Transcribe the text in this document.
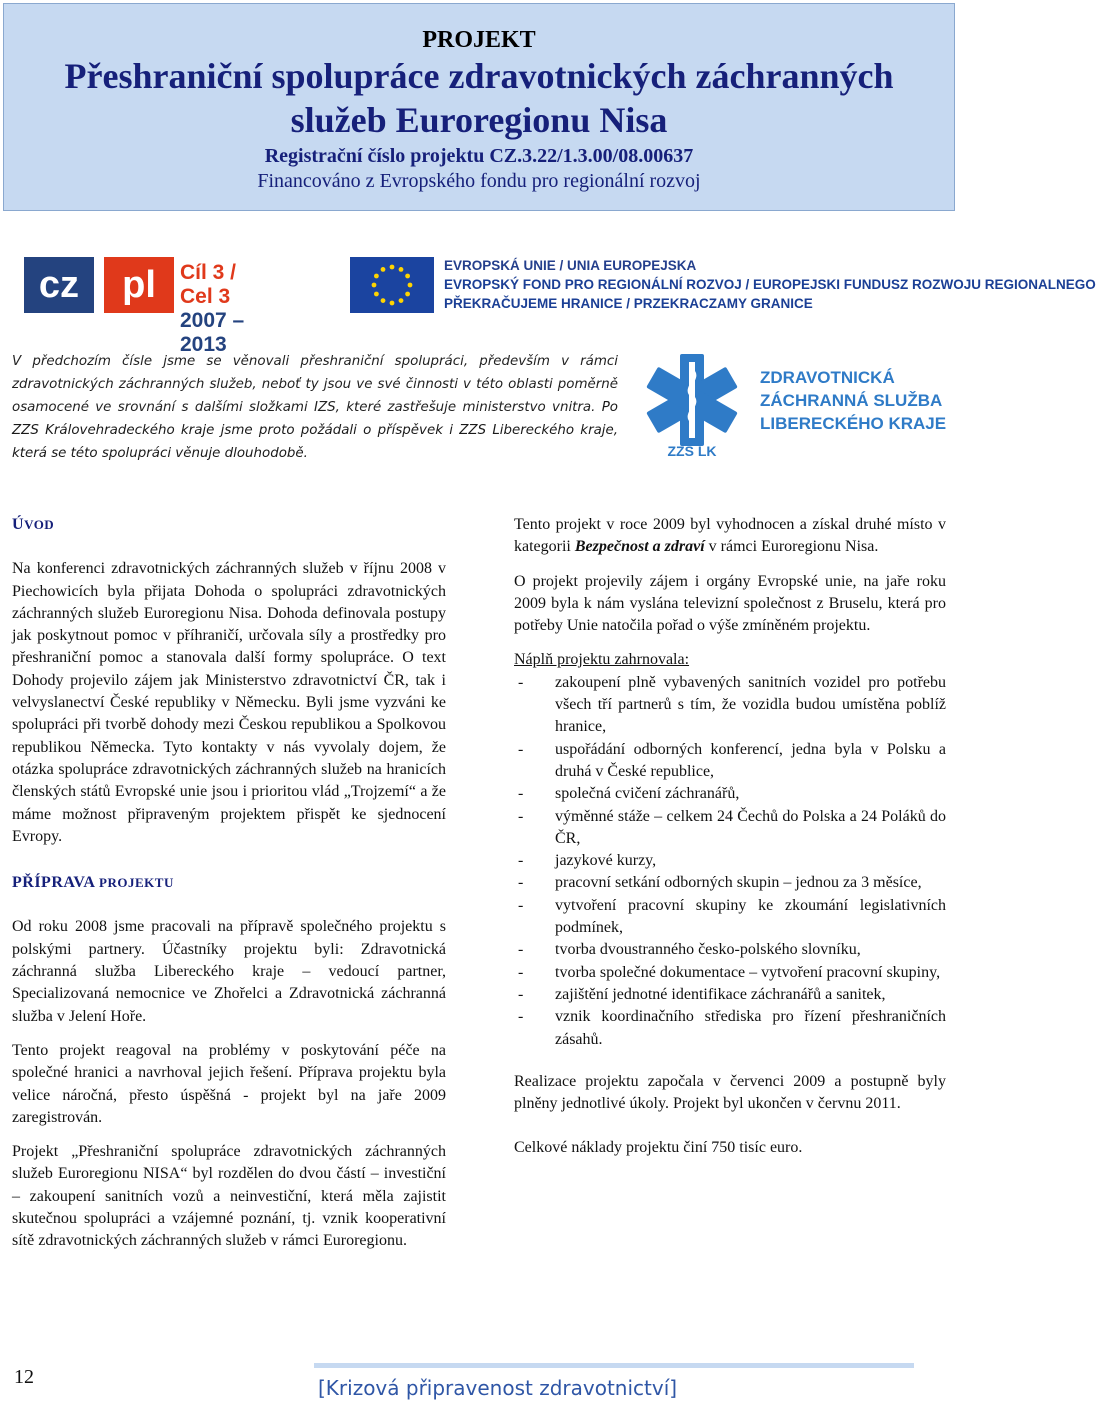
PROJEKT
Přeshraniční spolupráce zdravotnických záchranných
služeb Euroregionu Nisa
Registrační číslo projektu CZ.3.22/1.3.00/08.00637
Financováno z Evropského fondu pro regionální rozvoj
cz	pl	Cíl 3 / Cel 3
2007 – 2013
EVROPSKÁ UNIE / UNIA EUROPEJSKA
EVROPSKÝ FOND PRO REGIONÁLNÍ ROZVOJ / EUROPEJSKI FUNDUSZ ROZWOJU REGIONALNEGO
PŘEKRAČUJEME HRANICE / PRZEKRACZAMY GRANICE
V předchozím čísle jsme se věnovali přeshraniční spolupráci, především v rámci zdravotnických záchranných služeb, neboť ty jsou ve své činnosti v této oblasti poměrně osamocené ve srovnání s dalšími složkami IZS, které zastřešuje ministerstvo vnitra. Po ZZS Královehradeckého kraje jsme proto požádali o příspěvek i ZZS Libereckého kraje, která se této spolupráci věnuje dlouhodobě.	ZZS LK
ZDRAVOTNICKÁ
ZÁCHRANNÁ SLUŽBA
LIBERECKÉHO KRAJE
ÚVOD

Na konferenci zdravotnických záchranných služeb v říjnu 2008 v Piechowicích byla přijata Dohoda o spolupráci zdravotnických záchranných služeb Euroregionu Nisa. Dohoda definovala postupy jak poskytnout pomoc v příhraničí, určovala síly a prostředky pro přeshraniční pomoc a stanovala další formy spolupráce. O text Dohody projevilo zájem jak Ministerstvo zdravotnictví ČR, tak i velvyslanectví České republiky v Německu. Byli jsme vyzváni ke spolupráci při tvorbě dohody mezi Českou republikou a Spolkovou republikou Německa. Tyto kontakty v nás vyvolaly dojem, že otázka spolupráce zdravotnických záchranných služeb na hranicích členských států Evropské unie jsou i prioritou vlád „Trojzemí“ a že máme možnost připraveným projektem přispět ke sjednocení Evropy.

PŘÍPRAVA PROJEKTU

Od roku 2008 jsme pracovali na přípravě společného projektu s polskými partnery. Účastníky projektu byli: Zdravotnická záchranná služba Libereckého kraje – vedoucí partner, Specializovaná nemocnice ve Zhořelci a Zdravotnická záchranná služba v Jelení Hoře.

Tento projekt reagoval na problémy v poskytování péče na společné hranici a navrhoval jejich řešení. Příprava projektu byla velice náročná, přesto úspěšná - projekt byl na jaře 2009 zaregistrován.

Projekt „Přeshraniční spolupráce zdravotnických záchranných služeb Euroregionu NISA“ byl rozdělen do dvou částí – investiční – zakoupení sanitních vozů a neinvestiční, která měla zajistit skutečnou spolupráci a vzájemné poznání, tj. vznik kooperativní sítě zdravotnických záchranných služeb v rámci Euroregionu.

Tento projekt v roce 2009 byl vyhodnocen a získal druhé místo v kategorii Bezpečnost a zdraví v rámci Euroregionu Nisa.

O projekt projevily zájem i orgány Evropské unie, na jaře roku 2009 byla k nám vyslána televizní společnost z Bruselu, která pro potřeby Unie natočila pořad o výše zmíněném projektu.

Náplň projektu zahrnovala:

- zakoupení plně vybavených sanitních vozidel pro potřebu všech tří partnerů s tím, že vozidla budou umístěna poblíž hranice,
- uspořádání odborných konferencí, jedna byla v Polsku a druhá v České republice,
- společná cvičení záchranářů,
- výměnné stáže – celkem 24 Čechů do Polska a 24 Poláků do ČR,
- jazykové kurzy,
- pracovní setkání odborných skupin – jednou za 3 měsíce,
- vytvoření pracovní skupiny ke zkoumání legislativních podmínek,
- tvorba dvoustranného česko-polského slovníku,
- tvorba společné dokumentace – vytvoření pracovní skupiny,
- zajištění jednotné identifikace záchranářů a sanitek,
- vznik koordinačního střediska pro řízení přeshraničních zásahů.

Realizace projektu započala v červenci 2009 a postupně byly plněny jednotlivé úkoly. Projekt byl ukončen v červnu 2011.

Celkové náklady projektu činí 750 tisíc euro.

12	[Krizová připravenost zdravotnictví]
